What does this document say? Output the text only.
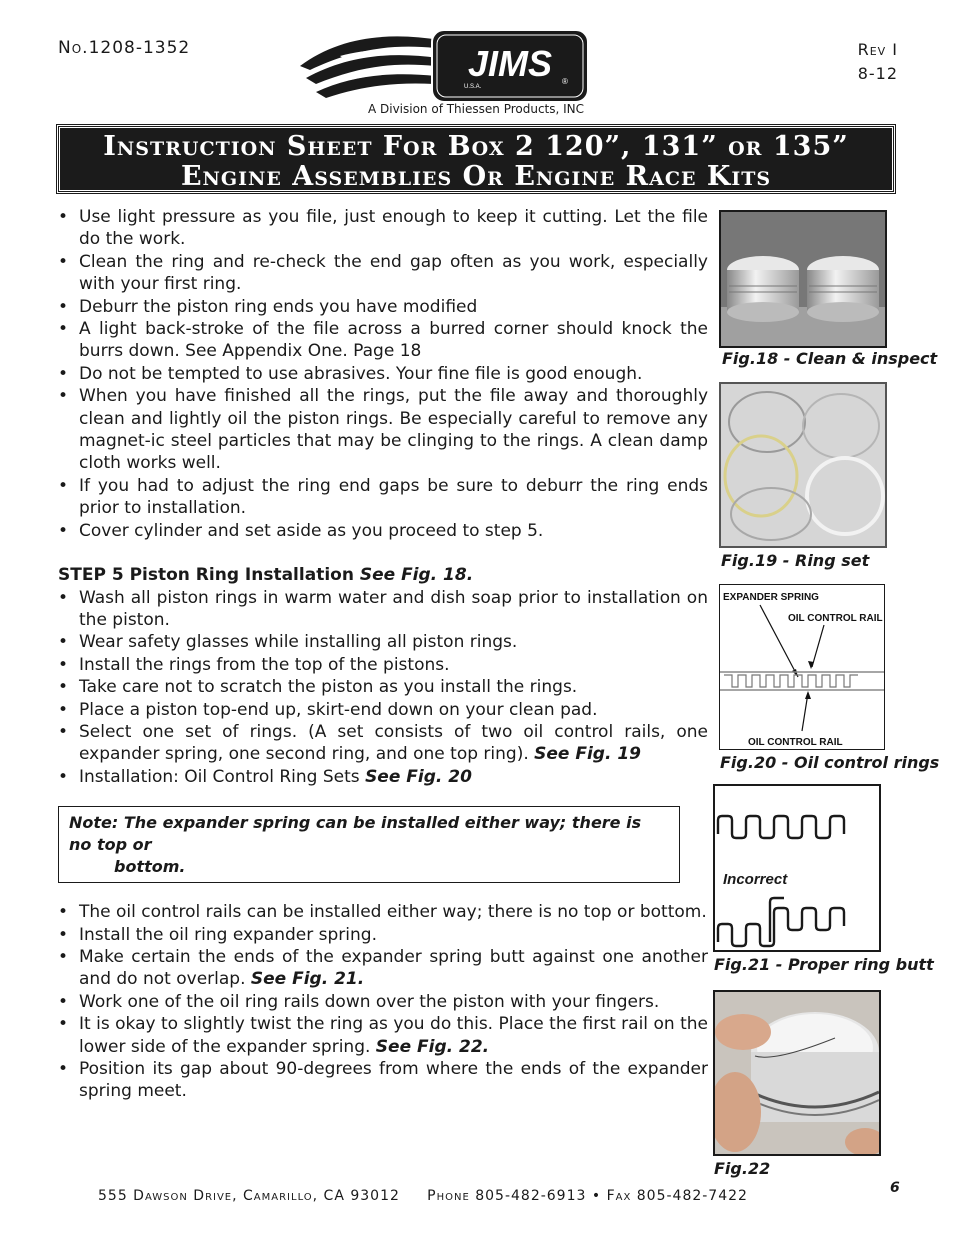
No.1208-1352	Rev I
8-12
JIMS
U.S.A.
®
A Division of Thiessen Products, INC
Instruction Sheet For Box 2 120”, 131” or 135”
Engine Assemblies Or Engine Race Kits
• Use light pressure as you file, just enough to keep it cutting. Let the file do the work.
• Clean the ring and re-check the end gap often as you work, especially with your first ring.
• Deburr the piston ring ends you have modified
• A light back-stroke of the file across a burred corner should knock the burrs down. See Appendix One. Page 18
• Do not be tempted to use abrasives. Your fine file is good enough.
• When you have finished all the rings, put the file away and thoroughly clean and lightly oil the piston rings. Be especially careful to remove any magnet-ic steel particles that may be clinging to the rings. A clean damp cloth works well.
• If you had to adjust the ring end gaps be sure to deburr the ring ends prior to installation.
• Cover cylinder and set aside as you proceed to step 5.
STEP 5 Piston Ring Installation See Fig. 18.
• Wash all piston rings in warm water and dish soap prior to installation on the piston.
• Wear safety glasses while installing all piston rings.
• Install the rings from the top of the pistons.
• Take care not to scratch the piston as you install the rings.
• Place a piston top-end up, skirt-end down on your clean pad.
• Select one set of rings. (A set consists of two oil control rails, one expander spring, one second ring, and one top ring). See Fig. 19
• Installation: Oil Control Ring Sets See Fig. 20
Note: The expander spring can be installed either way; there is no top or
bottom.
• The oil control rails can be installed either way; there is no top or bottom.
• Install the oil ring expander spring.
• Make certain the ends of the expander spring butt against one another and do not overlap. See Fig. 21.
• Work one of the oil ring rails down over the piston with your fingers.
• It is okay to slightly twist the ring as you do this. Place the first rail on the lower side of the expander spring. See Fig. 22.
• Position its gap about 90-degrees from where the ends of the expander spring meet.
Fig.18 - Clean & inspect
Fig.19 - Ring set
EXPANDER SPRING
OIL CONTROL RAIL
OIL CONTROL RAIL
Fig.20 - Oil control rings
Incorrect
Fig.21 - Proper ring butt
Fig.22
555 Dawson Drive, Camarillo, CA 93012     Phone 805-482-6913 • Fax 805-482-7422	6
